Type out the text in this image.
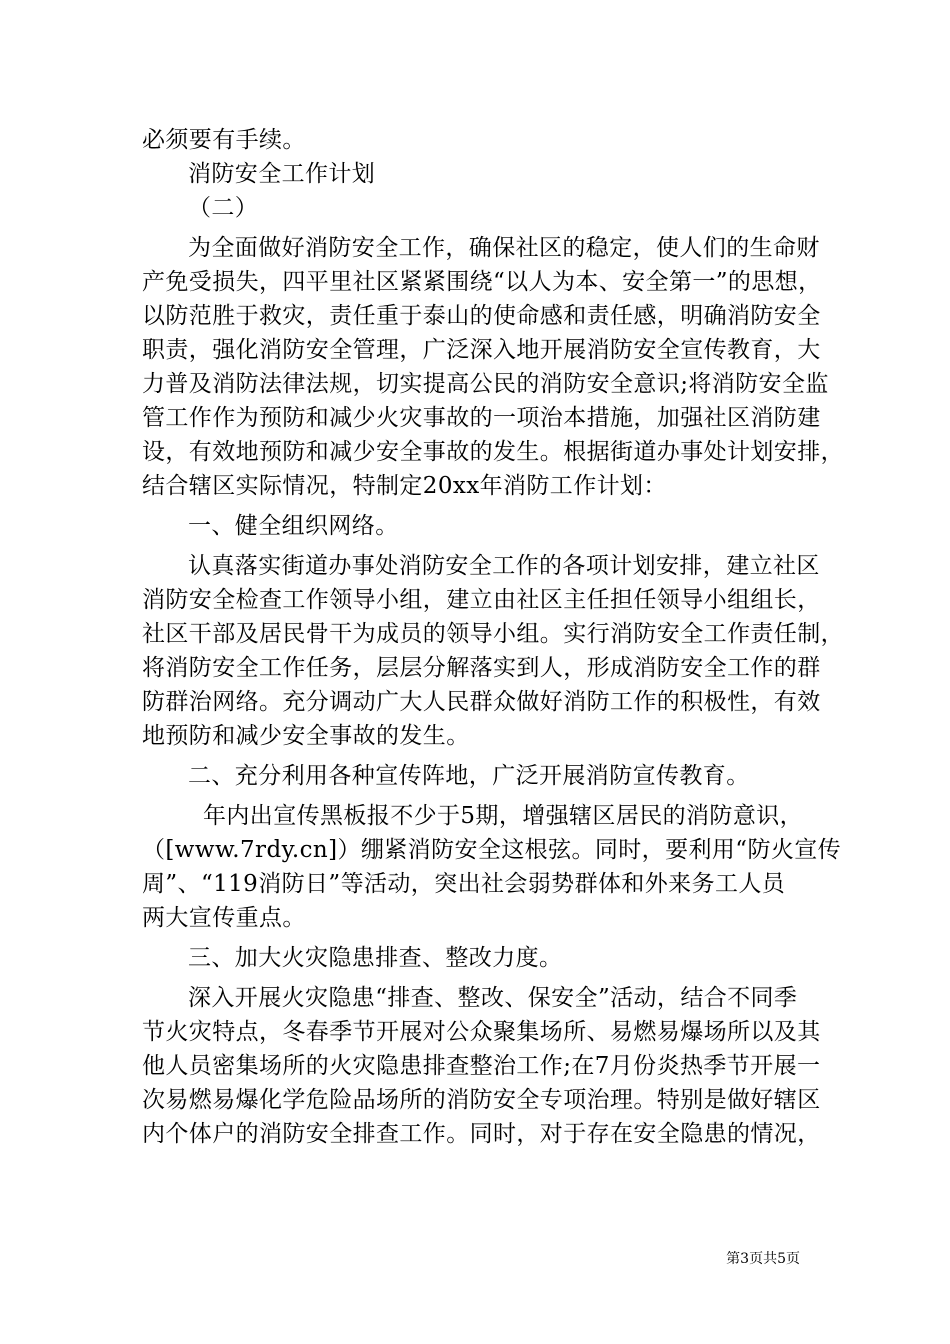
必须要有手续。
消防安全工作计划
（二）
为全面做好消防安全工作，确保社区的稳定，使人们的生命财
产免受损失，四平里社区紧紧围绕“以人为本、安全第一”的思想，
以防范胜于救灾，责任重于泰山的使命感和责任感，明确消防安全
职责，强化消防安全管理，广泛深入地开展消防安全宣传教育，大
力普及消防法律法规，切实提高公民的消防安全意识;将消防安全监
管工作作为预防和减少火灾事故的一项治本措施，加强社区消防建
设，有效地预防和减少安全事故的发生。根据街道办事处计划安排，
结合辖区实际情况，特制定20xx年消防工作计划：
一、健全组织网络。
认真落实街道办事处消防安全工作的各项计划安排，建立社区
消防安全检查工作领导小组，建立由社区主任担任领导小组组长，
社区干部及居民骨干为成员的领导小组。实行消防安全工作责任制，
将消防安全工作任务，层层分解落实到人，形成消防安全工作的群
防群治网络。充分调动广大人民群众做好消防工作的积极性，有效
地预防和减少安全事故的发生。
二、充分利用各种宣传阵地，广泛开展消防宣传教育。
年内出宣传黑板报不少于5期，增强辖区居民的消防意识，
（[www.7rdy.cn]）绷紧消防安全这根弦。同时，要利用“防火宣传
周”、“119消防日”等活动，突出社会弱势群体和外来务工人员
两大宣传重点。
三、加大火灾隐患排查、整改力度。
深入开展火灾隐患“排查、整改、保安全”活动，结合不同季
节火灾特点，冬春季节开展对公众聚集场所、易燃易爆场所以及其
他人员密集场所的火灾隐患排查整治工作;在7月份炎热季节开展一
次易燃易爆化学危险品场所的消防安全专项治理。特别是做好辖区
内个体户的消防安全排查工作。同时，对于存在安全隐患的情况，
第3页共5页
